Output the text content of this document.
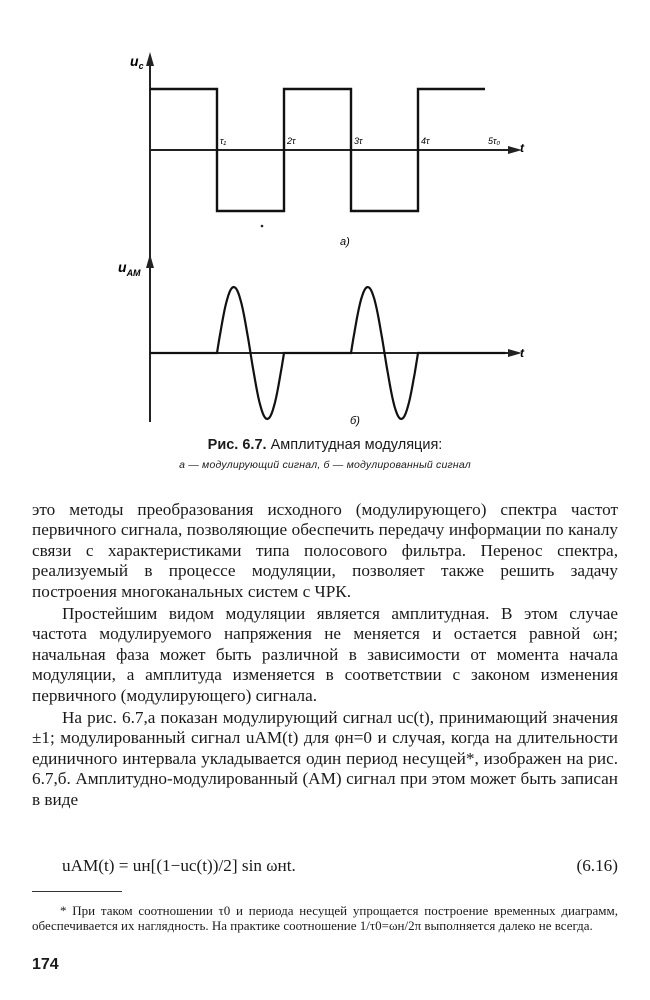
$u_c$
t
τ₁	2τ	3τ	4τ	5τ₀
a)
$u_{AM}$
t
б)
Рис. 6.7. Амплитудная модуляция:
а — модулирующий сигнал, б — модулированный сигнал

это методы преобразования исходного (модулирующего) спектра частот первичного сигнала, позволяющие обеспечить передачу информации по каналу связи с характеристиками типа полосового фильтра. Перенос спектра, реализуемый в процессе модуляции, позволяет также решить задачу построения многоканальных систем с ЧРК.

Простейшим видом модуляции является амплитудная. В этом случае частота модулируемого напряжения не меняется и остается равной ωн; начальная фаза может быть различной в зависимости от момента начала модуляции, а амплитуда изменяется в соответствии с законом изменения первичного (модулирующего) сигнала.

На рис. 6.7,а показан модулирующий сигнал uc(t), принимающий значения ±1; модулированный сигнал uAM(t) для φн=0 и случая, когда на длительности единичного интервала укладывается один период несущей*, изображен на рис. 6.7,б. Амплитудно-модулированный (АМ) сигнал при этом может быть записан в виде

uAM(t) = uн[(1−uc(t))/2] sin ωнt.	(6.16)
* При таком соотношении τ0 и периода несущей упрощается построение временных диаграмм, обеспечивается их наглядность. На практике соотношение 1/τ0=ωн/2π выполняется далеко не всегда.
174
